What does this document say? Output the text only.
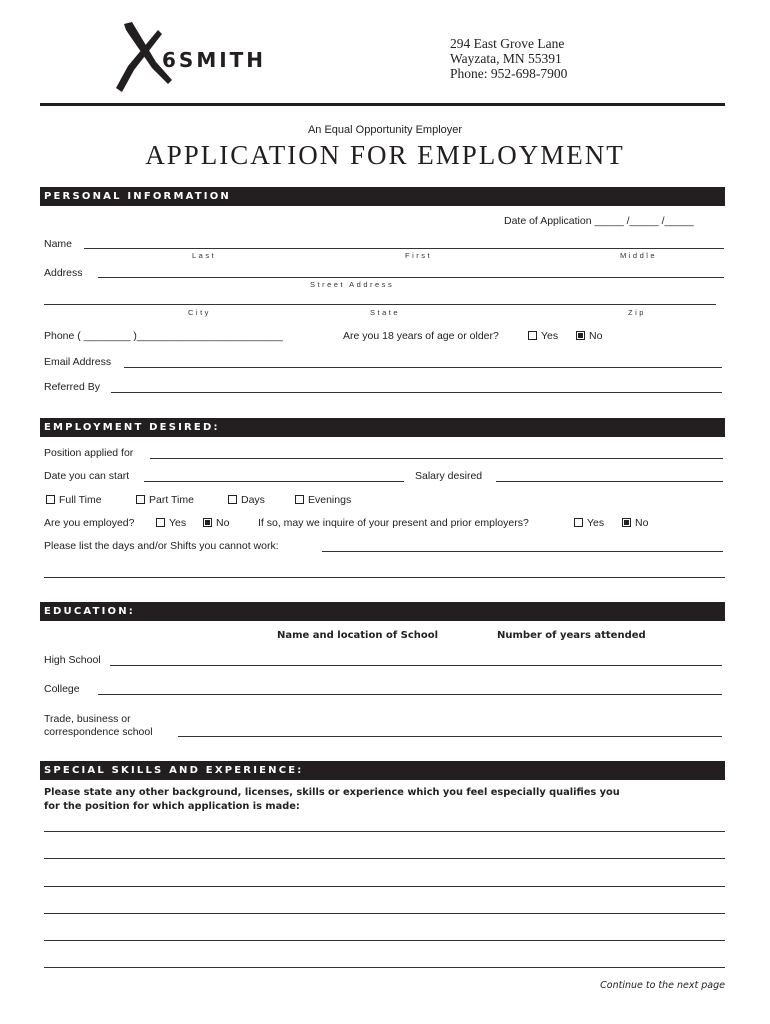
6SMITH
294 East Grove Lane
Wayzata, MN 55391
Phone: 952-698-7900
An Equal Opportunity Employer
APPLICATION FOR EMPLOYMENT
PERSONAL INFORMATION
Date of Application _____ /_____ /_____
Name
Last	First	Middle
Address
Street Address
City	State	Zip
Phone ( ________ )_________________________	Are you 18 years of age or older?	Yes	No
Email Address
Referred By
EMPLOYMENT DESIRED:
Position applied for
Date you can start	Salary desired
Full Time	Part Time	Days	Evenings
Are you employed?	Yes	No	If so, may we inquire of your present and prior employers?	Yes	No
Please list the days and/or Shifts you cannot work:
EDUCATION:
Name and location of School	Number of years attended
High School
College
Trade, business or
correspondence school
SPECIAL SKILLS AND EXPERIENCE:
Please state any other background, licenses, skills or experience which you feel especially qualifies you
for the position for which application is made:
Continue to the next page
